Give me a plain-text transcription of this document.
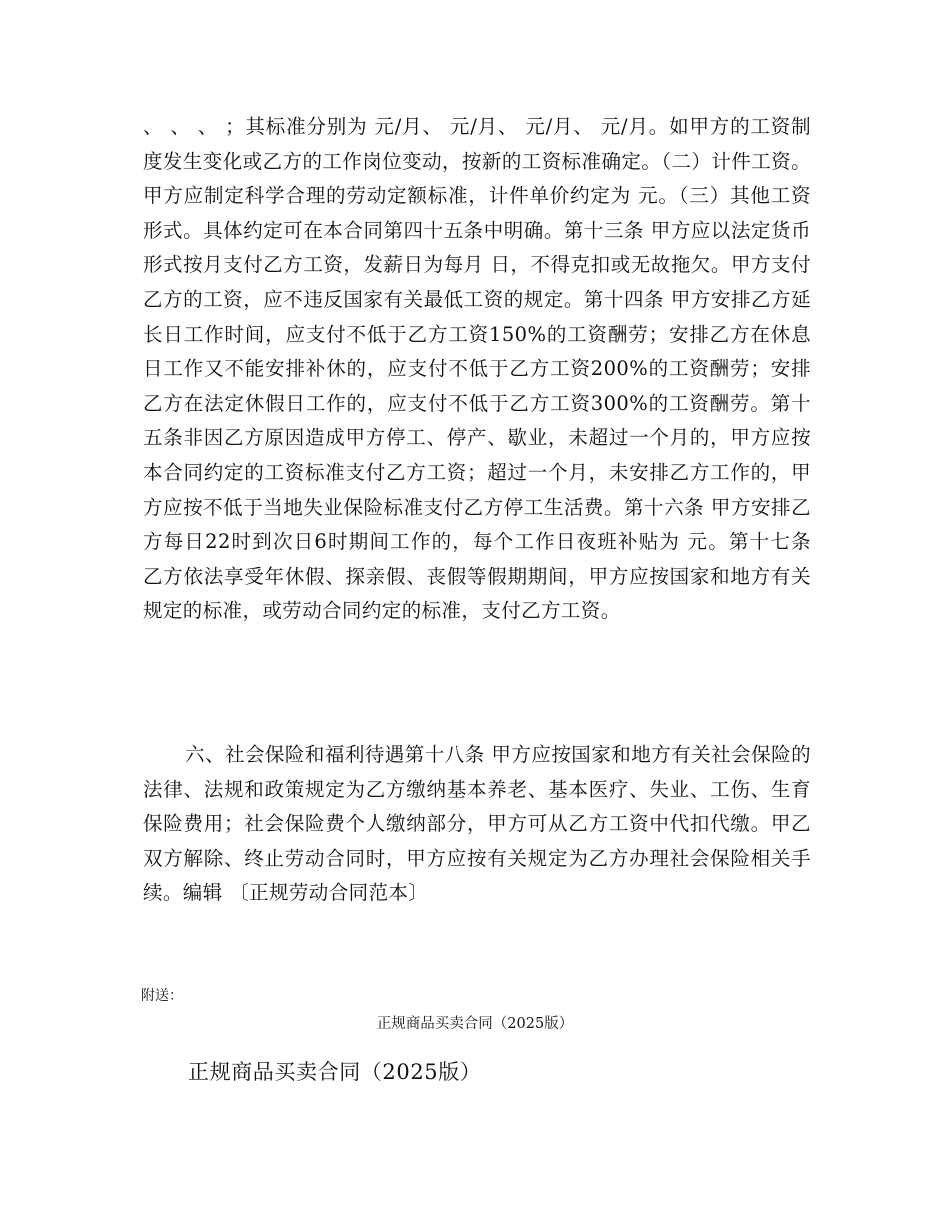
、 、 、 ；其标准分别为 元/月、 元/月、 元/月、 元/月。如甲方的工资制度发生变化或乙方的工作岗位变动，按新的工资标准确定。（二）计件工资。甲方应制定科学合理的劳动定额标准，计件单价约定为 元。（三）其他工资形式。具体约定可在本合同第四十五条中明确。第十三条 甲方应以法定货币形式按月支付乙方工资，发薪日为每月 日，不得克扣或无故拖欠。甲方支付乙方的工资，应不违反国家有关最低工资的规定。第十四条 甲方安排乙方延长日工作时间，应支付不低于乙方工资150%的工资酬劳；安排乙方在休息日工作又不能安排补休的，应支付不低于乙方工资200%的工资酬劳；安排乙方在法定休假日工作的，应支付不低于乙方工资300%的工资酬劳。第十五条非因乙方原因造成甲方停工、停产、歇业，未超过一个月的，甲方应按本合同约定的工资标准支付乙方工资；超过一个月，未安排乙方工作的，甲方应按不低于当地失业保险标准支付乙方停工生活费。第十六条 甲方安排乙方每日22时到次日6时期间工作的，每个工作日夜班补贴为 元。第十七条 乙方依法享受年休假、探亲假、丧假等假期期间，甲方应按国家和地方有关规定的标准，或劳动合同约定的标准，支付乙方工资。

六、社会保险和福利待遇第十八条 甲方应按国家和地方有关社会保险的法律、法规和政策规定为乙方缴纳基本养老、基本医疗、失业、工伤、生育保险费用；社会保险费个人缴纳部分，甲方可从乙方工资中代扣代缴。甲乙双方解除、终止劳动合同时，甲方应按有关规定为乙方办理社会保险相关手续。编辑 〔正规劳动合同范本〕

附送：

正规商品买卖合同（2025版）

正规商品买卖合同（2025版）
